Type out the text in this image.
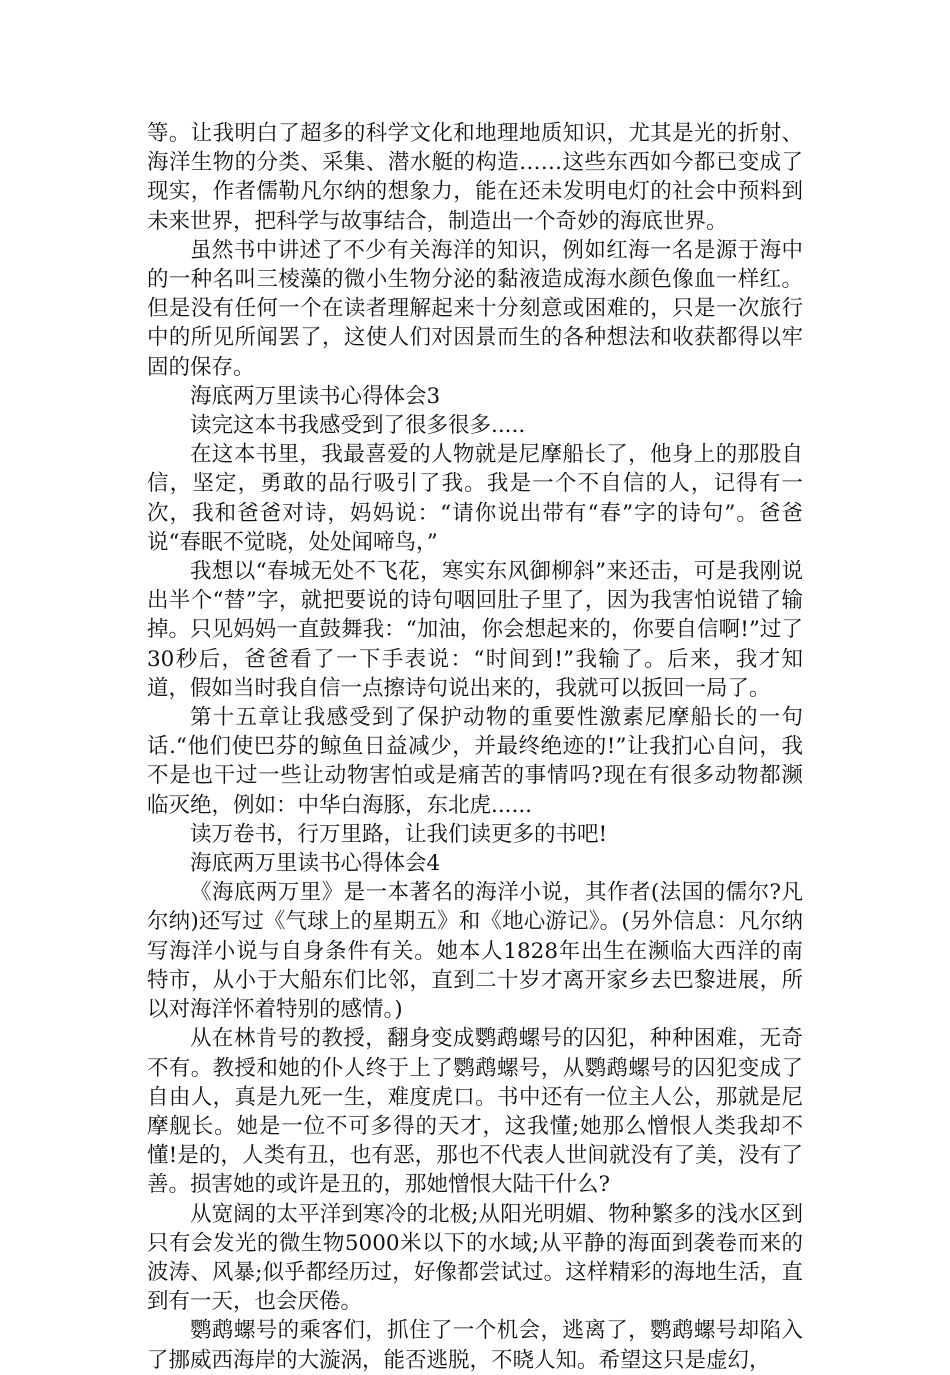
等。让我明白了超多的科学文化和地理地质知识，尤其是光的折射、海洋生物的分类、采集、潜水艇的构造……这些东西如今都已变成了现实，作者儒勒凡尔纳的想象力，能在还未发明电灯的社会中预料到未来世界，把科学与故事结合，制造出一个奇妙的海底世界。

虽然书中讲述了不少有关海洋的知识，例如红海一名是源于海中的一种名叫三棱藻的微小生物分泌的黏液造成海水颜色像血一样红。但是没有任何一个在读者理解起来十分刻意或困难的，只是一次旅行中的所见所闻罢了，这使人们对因景而生的各种想法和收获都得以牢固的保存。

海底两万里读书心得体会3

读完这本书我感受到了很多很多.....

在这本书里，我最喜爱的人物就是尼摩船长了，他身上的那股自信，坚定，勇敢的品行吸引了我。我是一个不自信的人，记得有一次，我和爸爸对诗，妈妈说：“请你说出带有“春”字的诗句”。爸爸说“春眠不觉晓，处处闻啼鸟，”

我想以“春城无处不飞花，寒实东风御柳斜”来还击，可是我刚说出半个“替”字，就把要说的诗句咽回肚子里了，因为我害怕说错了输掉。只见妈妈一直鼓舞我：“加油，你会想起来的，你要自信啊!”过了30秒后，爸爸看了一下手表说：“时间到!”我输了。后来，我才知道，假如当时我自信一点擦诗句说出来的，我就可以扳回一局了。

第十五章让我感受到了保护动物的重要性激素尼摩船长的一句话.“他们使巴芬的鲸鱼日益减少，并最终绝迹的!”让我扪心自问，我不是也干过一些让动物害怕或是痛苦的事情吗?现在有很多动物都濒临灭绝，例如：中华白海豚，东北虎......

读万卷书，行万里路，让我们读更多的书吧!

海底两万里读书心得体会4

《海底两万里》是一本著名的海洋小说，其作者(法国的儒尔?凡尔纳)还写过《气球上的星期五》和《地心游记》。(另外信息：凡尔纳写海洋小说与自身条件有关。她本人1828年出生在濒临大西洋的南特市，从小于大船东们比邻，直到二十岁才离开家乡去巴黎进展，所以对海洋怀着特别的感情。)

从在林肯号的教授，翻身变成鹦鹉螺号的囚犯，种种困难，无奇不有。教授和她的仆人终于上了鹦鹉螺号，从鹦鹉螺号的囚犯变成了自由人，真是九死一生，难度虎口。书中还有一位主人公，那就是尼摩舰长。她是一位不可多得的天才，这我懂;她那么憎恨人类我却不懂!是的，人类有丑，也有恶，那也不代表人世间就没有了美，没有了善。损害她的或许是丑的，那她憎恨大陆干什么?

从宽阔的太平洋到寒冷的北极;从阳光明媚、物种繁多的浅水区到只有会发光的微生物5000米以下的水域;从平静的海面到袭卷而来的波涛、风暴;似乎都经历过，好像都尝试过。这样精彩的海地生活，直到有一天，也会厌倦。

鹦鹉螺号的乘客们，抓住了一个机会，逃离了，鹦鹉螺号却陷入了挪威西海岸的大漩涡，能否逃脱，不晓人知。希望这只是虚幻，
